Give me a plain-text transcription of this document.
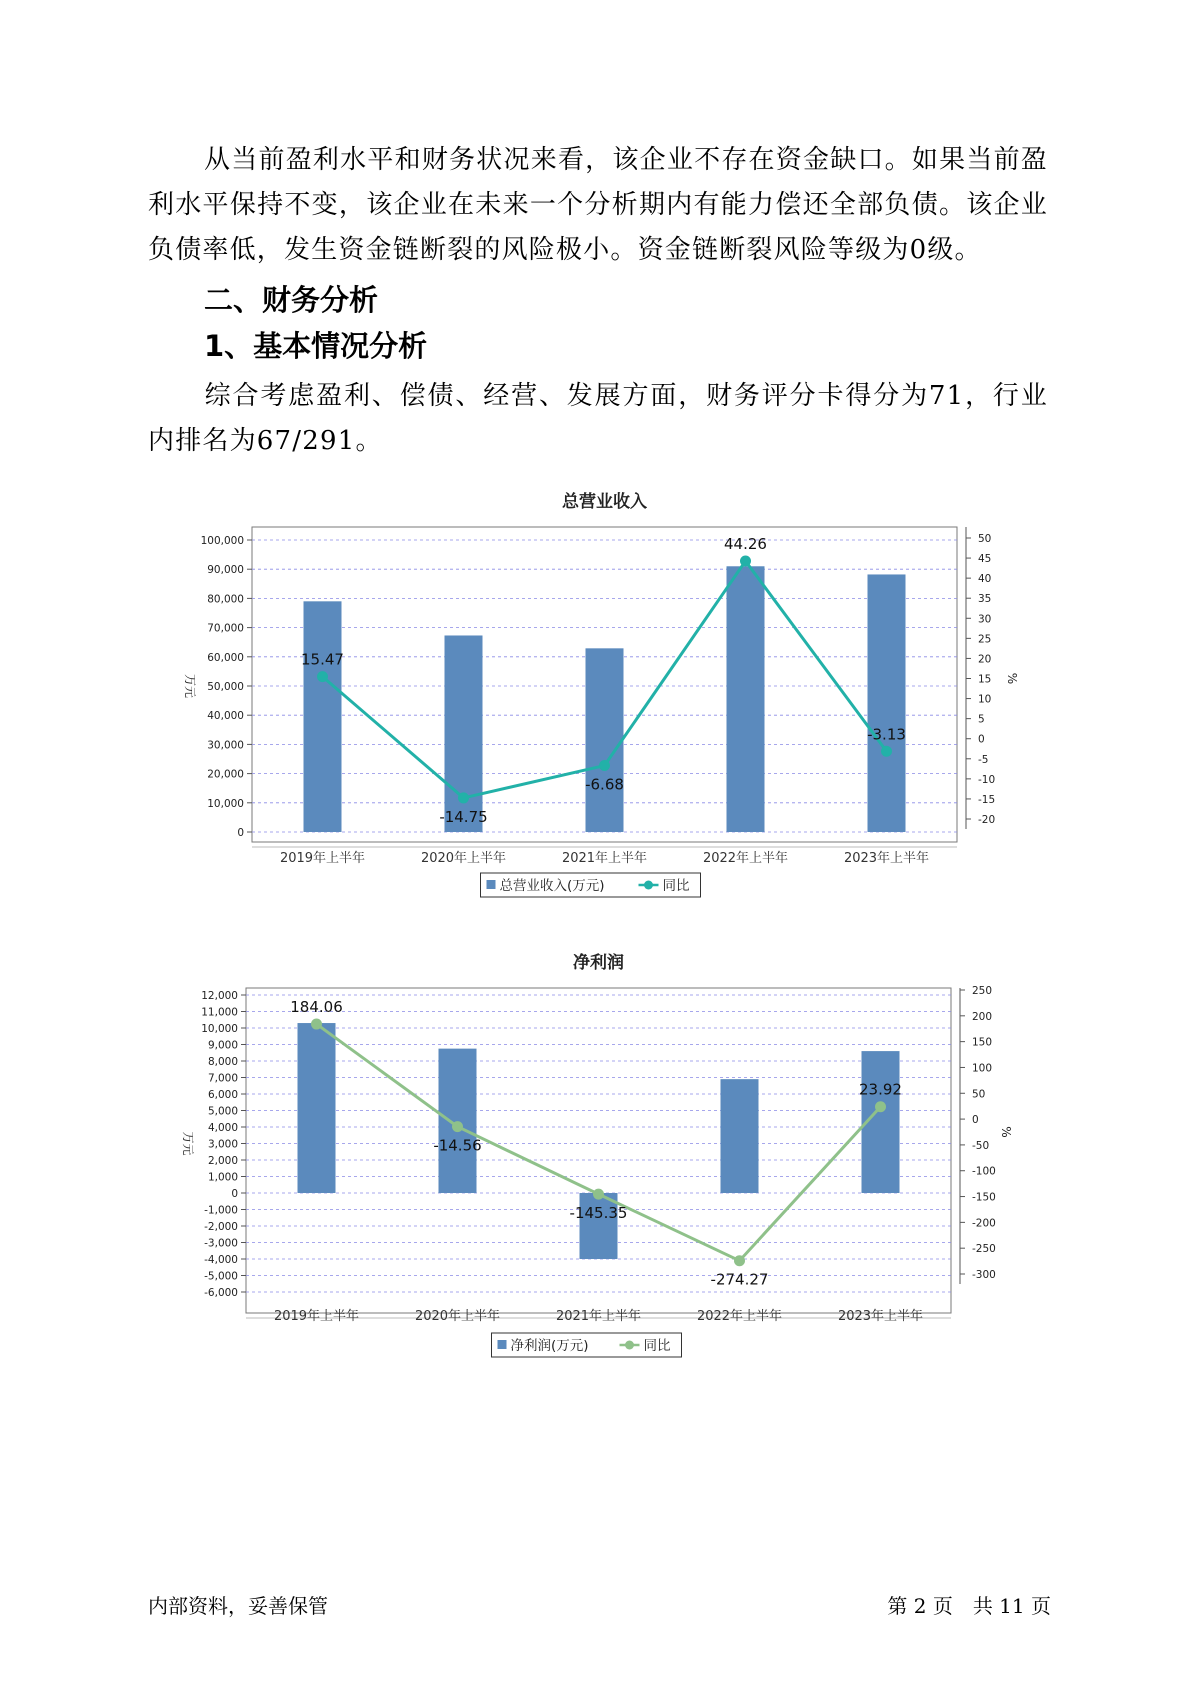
从当前盈利水平和财务状况来看，该企业不存在资金缺口。如果当前盈利水平保持不变，该企业在未来一个分析期内有能力偿还全部负债。该企业负债率低，发生资金链断裂的风险极小。资金链断裂风险等级为0级。

二、财务分析
1、基本情况分析

综合考虑盈利、偿债、经营、发展方面，财务评分卡得分为71，行业内排名为67/291。

总营业收入
0
10,000
20,000
30,000
40,000
50,000
60,000
70,000
80,000
90,000
100,000
万元
-20
-15
-10
-5
0
5
10
15
20
25
30
35
40
45
50
%
15.47
-14.75
-6.68
44.26
-3.13
2019年上半年	2020年上半年	2021年上半年	2022年上半年	2023年上半年
总营业收入(万元)	同比
净利润
-6,000
-5,000
-4,000
-3,000
-2,000
-1,000
0
1,000
2,000
3,000
4,000
5,000
6,000
7,000
8,000
9,000
10,000
11,000
12,000
万元
-300
-250
-200
-150
-100
-50
0
50
100
150
200
250
%
184.06
-14.56
-145.35
-274.27
23.92
2019年上半年	2020年上半年	2021年上半年	2022年上半年	2023年上半年
净利润(万元)	同比
内部资料，妥善保管	第 2 页　共 11 页
